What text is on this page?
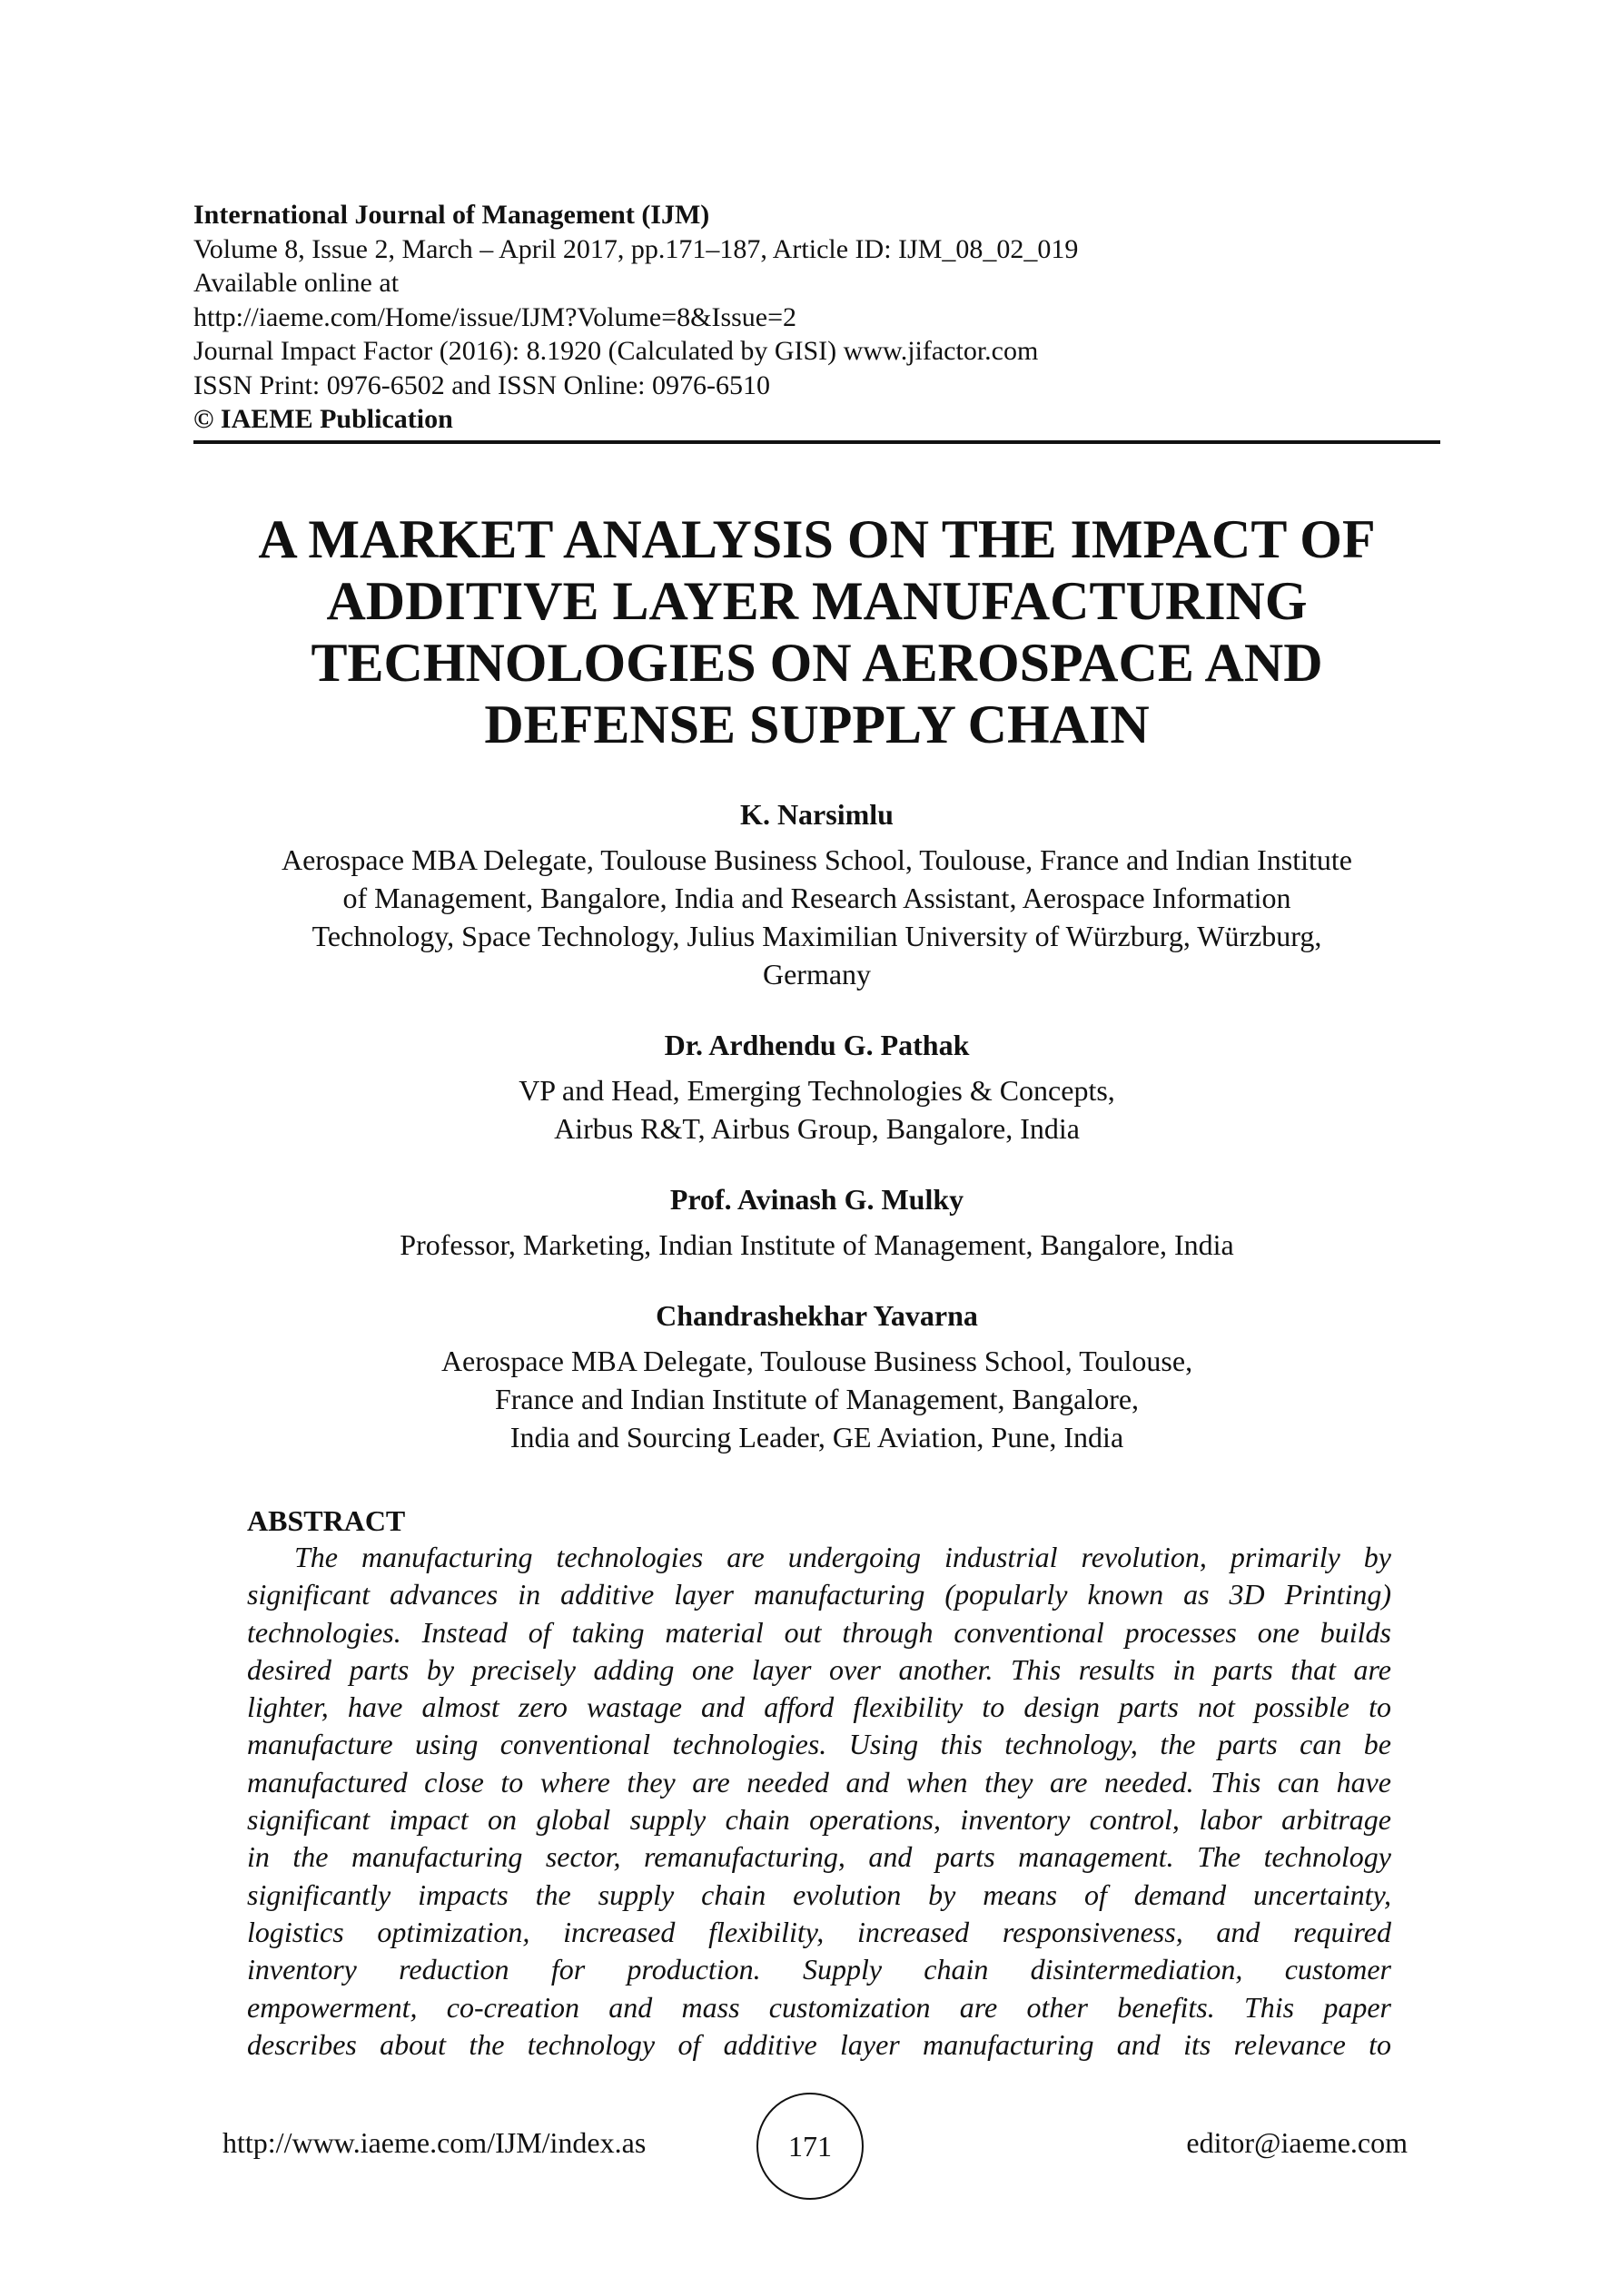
International Journal of Management (IJM)
Volume 8, Issue 2, March – April 2017, pp.171–187, Article ID: IJM_08_02_019
Available online at
http://iaeme.com/Home/issue/IJM?Volume=8&Issue=2
Journal Impact Factor (2016): 8.1920 (Calculated by GISI) www.jifactor.com
ISSN Print: 0976-6502 and ISSN Online: 0976-6510
© IAEME Publication
A MARKET ANALYSIS ON THE IMPACT OF
ADDITIVE LAYER MANUFACTURING
TECHNOLOGIES ON AEROSPACE AND
DEFENSE SUPPLY CHAIN
K. Narsimlu
Aerospace MBA Delegate, Toulouse Business School, Toulouse, France and Indian Institute
of Management, Bangalore, India and Research Assistant, Aerospace Information
Technology, Space Technology, Julius Maximilian University of Würzburg, Würzburg,
Germany
Dr. Ardhendu G. Pathak
VP and Head, Emerging Technologies & Concepts,
Airbus R&T, Airbus Group, Bangalore, India
Prof. Avinash G. Mulky
Professor, Marketing, Indian Institute of Management, Bangalore, India
Chandrashekhar Yavarna
Aerospace MBA Delegate, Toulouse Business School, Toulouse,
France and Indian Institute of Management, Bangalore,
India and Sourcing Leader, GE Aviation, Pune, India
ABSTRACT
The manufacturing technologies are undergoing industrial revolution, primarily by
significant advances in additive layer manufacturing (popularly known as 3D Printing)
technologies. Instead of taking material out through conventional processes one builds
desired parts by precisely adding one layer over another. This results in parts that are
lighter, have almost zero wastage and afford flexibility to design parts not possible to
manufacture using conventional technologies. Using this technology, the parts can be
manufactured close to where they are needed and when they are needed. This can have
significant impact on global supply chain operations, inventory control, labor arbitrage
in the manufacturing sector, remanufacturing, and parts management. The technology
significantly impacts the supply chain evolution by means of demand uncertainty,
logistics optimization, increased flexibility, increased responsiveness, and required
inventory reduction for production. Supply chain disintermediation, customer
empowerment, co-creation and mass customization are other benefits. This paper
describes about the technology of additive layer manufacturing and its relevance to
http://www.iaeme.com/IJM/index.as	171	editor@iaeme.com
